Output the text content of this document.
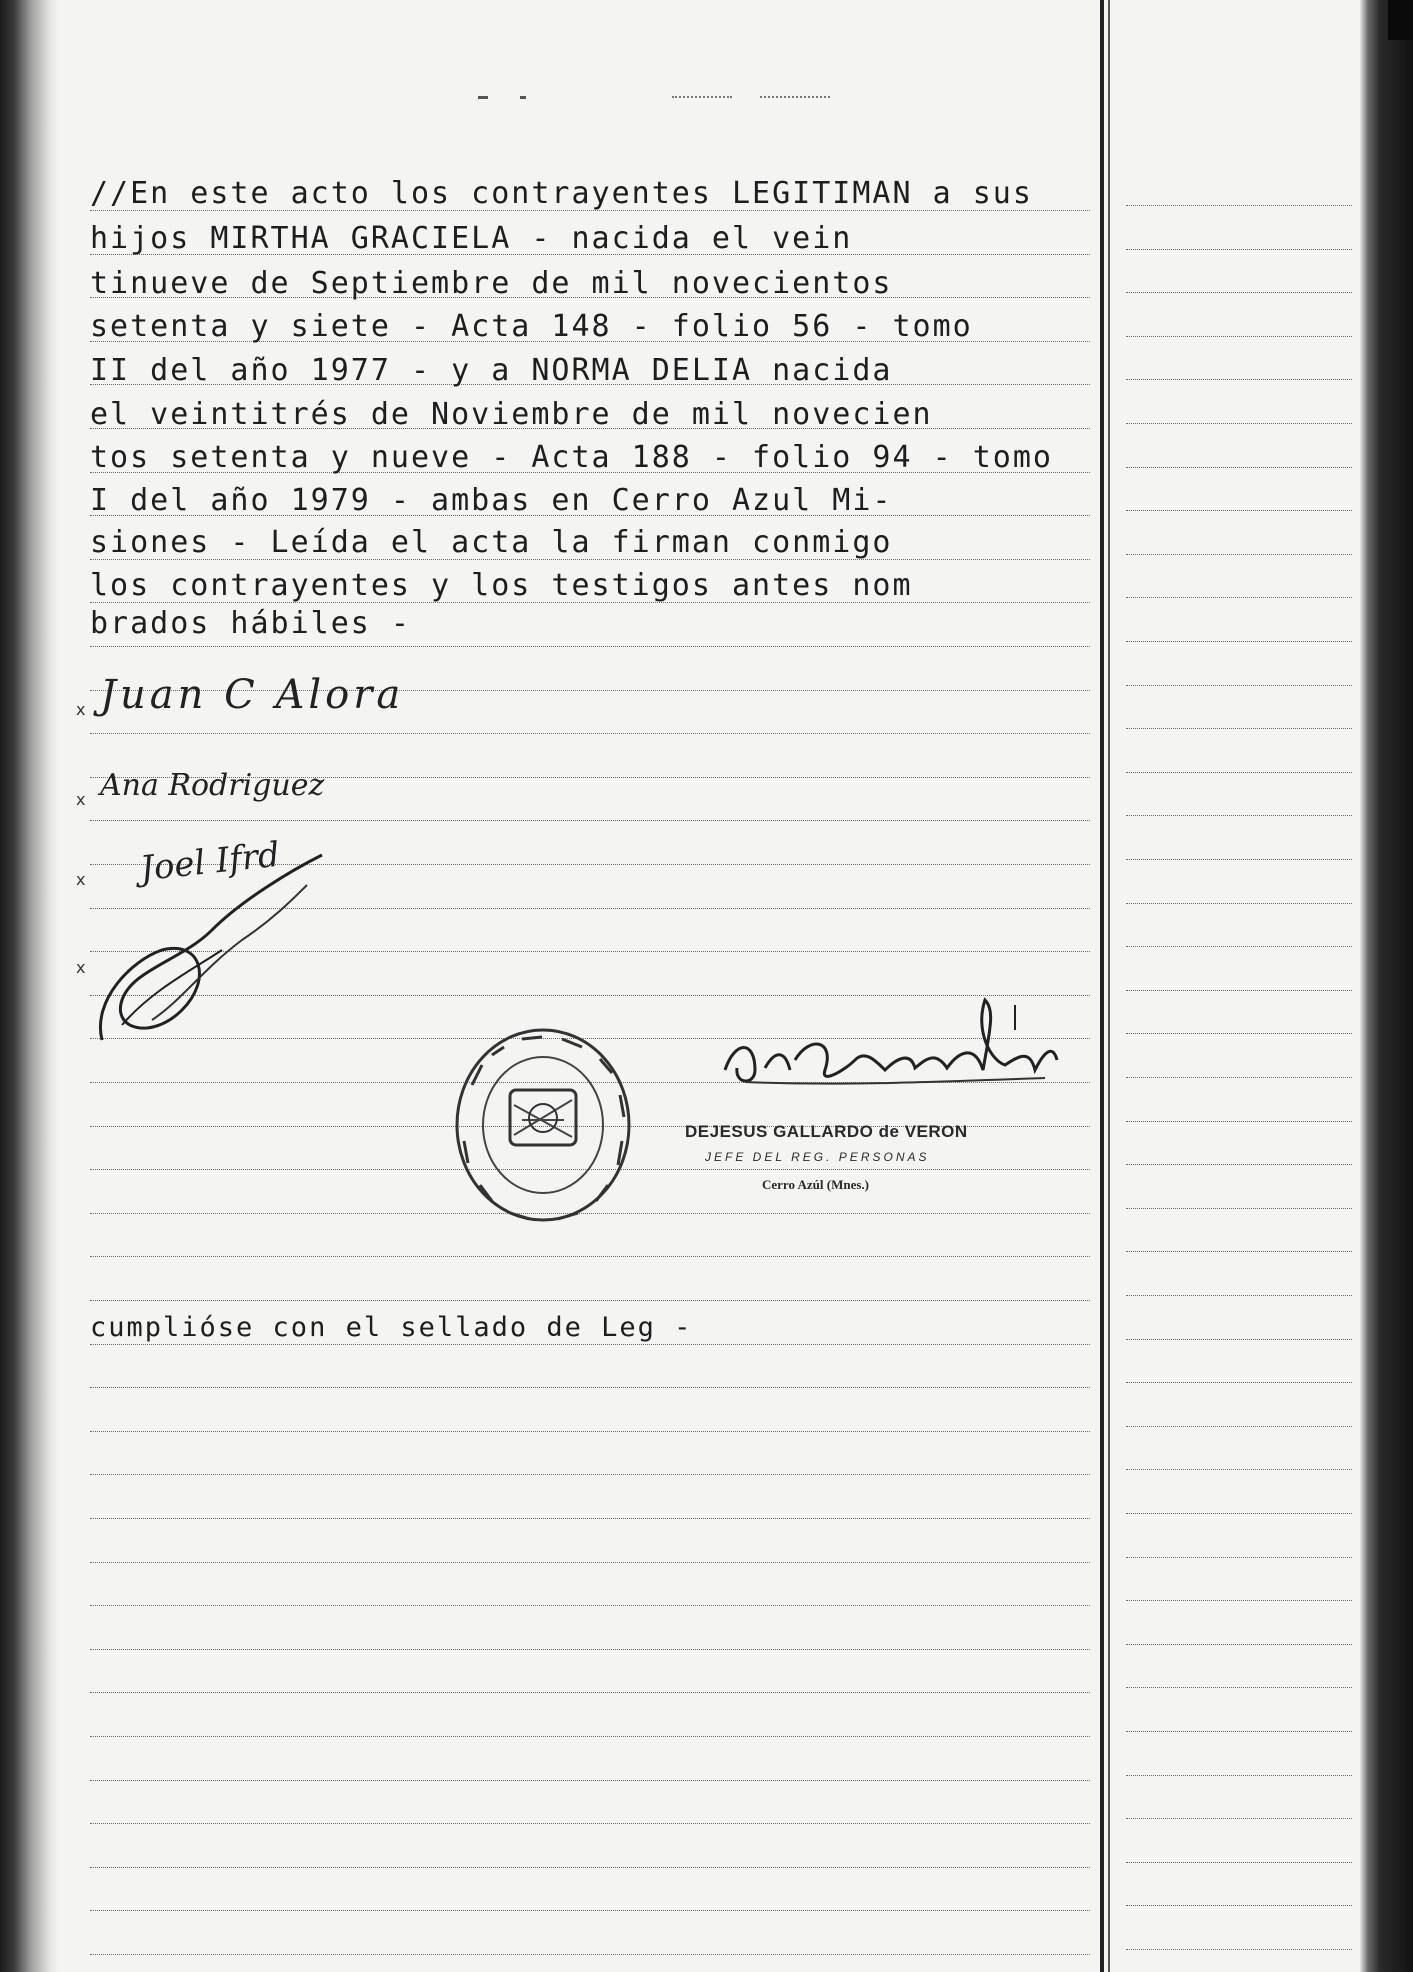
//En este acto los contrayentes LEGITIMAN a sus
hijos MIRTHA GRACIELA - nacida el vein
tinueve de Septiembre de mil novecientos
setenta y siete - Acta 148 - folio 56 - tomo
II del año 1977 - y a NORMA DELIA nacida
el veintitrés de Noviembre de mil novecien
tos setenta y nueve - Acta 188 - folio 94 - tomo
I del año 1979 - ambas en Cerro Azul Mi-
siones - Leída el acta la firman conmigo
los contrayentes y los testigos antes nom
brados hábiles -
x
x
x
x
Juan C Alora
Ana Rodriguez
Joel Ifrd
DEJESUS GALLARDO de VERON
JEFE DEL REG. PERSONAS
Cerro Azúl (Mnes.)
cumplióse con el sellado de Leg -
